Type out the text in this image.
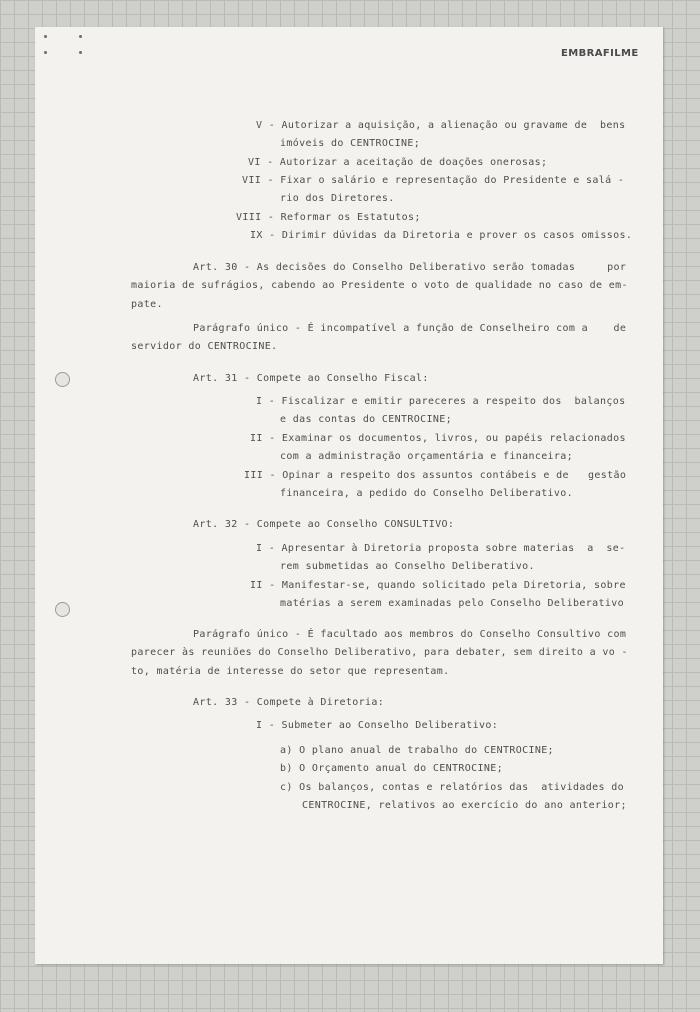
EMBRAFILME
V - Autorizar a aquisição, a alienação ou gravame de  bens
imóveis do CENTROCINE;
VI - Autorizar a aceitação de doações onerosas;
VII - Fixar o salário e representação do Presidente e salá -
rio dos Diretores.
VIII - Reformar os Estatutos;
IX - Dirimir dúvidas da Diretoria e prover os casos omissos.
Art. 30 - As decisões do Conselho Deliberativo serão tomadas     por
maioria de sufrágios, cabendo ao Presidente o voto de qualidade no caso de em-
pate.
Parágrafo único - É incompatível a função de Conselheiro com a    de
servidor do CENTROCINE.
Art. 31 - Compete ao Conselho Fiscal:
I - Fiscalizar e emitir pareceres a respeito dos  balanços
e das contas do CENTROCINE;
II - Examinar os documentos, livros, ou papéis relacionados
com a administração orçamentária e financeira;
III - Opinar a respeito dos assuntos contábeis e de   gestão
financeira, a pedido do Conselho Deliberativo.
Art. 32 - Compete ao Conselho CONSULTIVO:
I - Apresentar à Diretoria proposta sobre materias  a  se-
rem submetidas ao Conselho Deliberativo.
II - Manifestar-se, quando solicitado pela Diretoria, sobre
matérias a serem examinadas pelo Conselho Deliberativo
Parágrafo único - É facultado aos membros do Conselho Consultivo com
parecer às reuniões do Conselho Deliberativo, para debater, sem direito a vo -
to, matéria de interesse do setor que representam.
Art. 33 - Compete à Diretoria:
I - Submeter ao Conselho Deliberativo:
a) O plano anual de trabalho do CENTROCINE;
b) O Orçamento anual do CENTROCINE;
c) Os balanços, contas e relatórios das  atividades do
CENTROCINE, relativos ao exercício do ano anterior;
